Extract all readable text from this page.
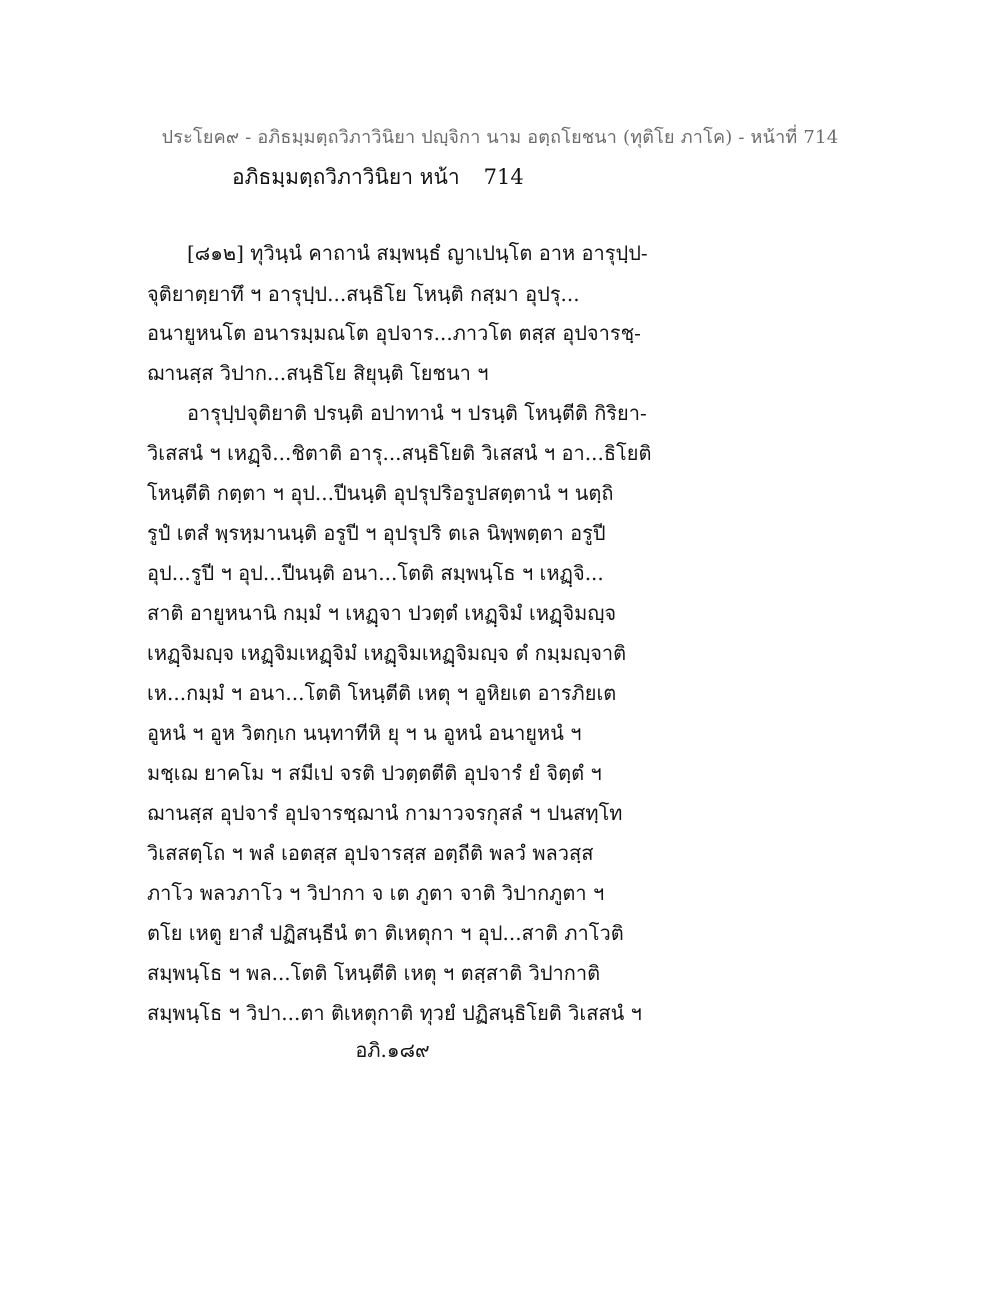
ประโยค๙ - อภิธมฺมตฺถวิภาวินิยา ปญฺจิกา นาม อตฺถโยชนา (ทุติโย ภาโค) - หน้าที่ 714
อภิธมฺมตฺถวิภาวินิยา หน้า 714
[๘๑๒] ทุวินฺนํ คาถานํ สมฺพนฺธํ ญาเปนฺโต อาห อารุปฺป-
จุติยาตฺยาทึ ฯ อารุปฺป...สนฺธิโย โหนฺติ กสฺมา อุปรุ...
อนายูหนโต อนารมฺมณโต อุปจาร...ภาวโต ตสฺส อุปจารชฺ-
ฌานสฺส วิปาก...สนฺธิโย สิยุนฺติ โยชนา ฯ
อารุปฺปจุติยาติ ปรนฺติ อปาทานํ ฯ ปรนฺติ โหนฺตีติ กิริยา-
วิเสสนํ ฯ เหฏฺจิ...ชิตาติ อารุ...สนฺธิโยติ วิเสสนํ ฯ อา...ธิโยติ
โหนฺตีติ กตฺตา ฯ อุป...ปีนนฺติ อุปรุปริอรูปสตฺตานํ ฯ นตฺถิ
รูปํ เตสํ พฺรหฺมานนฺติ อรูปี ฯ อุปรุปริ ตเล นิพฺพตฺตา อรูปี
อุป...รูปี ฯ อุป...ปีนนฺติ อนา...โตติ สมฺพนฺโธ ฯ เหฏฺจิ...
สาติ อายูหนานิ กมฺมํ ฯ เหฏฺจา ปวตฺตํ เหฏฺจิมํ เหฏฺจิมญฺจ
เหฏฺจิมญฺจ เหฏฺจิมเหฏฺจิมํ เหฏฺจิมเหฏฺจิมญฺจ ตํ กมฺมญฺจาติ
เห...กมฺมํ ฯ อนา...โตติ โหนฺตีติ เหตุ ฯ อูหิยเต อารภิยเต
อูหนํ ฯ อูห วิตกฺเก นนฺทาทีหิ ยุ ฯ น อูหนํ อนายูหนํ ฯ
มชฺเฌ ยาคโม ฯ สมีเป จรติ ปวตฺตตีติ อุปจารํ ยํ จิตฺตํ ฯ
ฌานสฺส อุปจารํ อุปจารชฺฌานํ กามาวจรกุสลํ ฯ ปนสทฺโท
วิเสสตฺโถ ฯ พลํ เอตสฺส อุปจารสฺส อตฺถีติ พลวํ พลวสฺส
ภาโว พลวภาโว ฯ วิปากา จ เต ภูตา จาติ วิปากภูตา ฯ
ตโย เหตู ยาสํ ปฏิสนฺธีนํ ตา ติเหตุกา ฯ อุป...สาติ ภาโวติ
สมฺพนฺโธ ฯ พล...โตติ โหนฺตีติ เหตุ ฯ ตสฺสาติ วิปากาติ
สมฺพนฺโธ ฯ วิปา...ตา ติเหตุกาติ ทุวยํ ปฏิสนฺธิโยติ วิเสสนํ ฯ
อภิ.๑๘๙
